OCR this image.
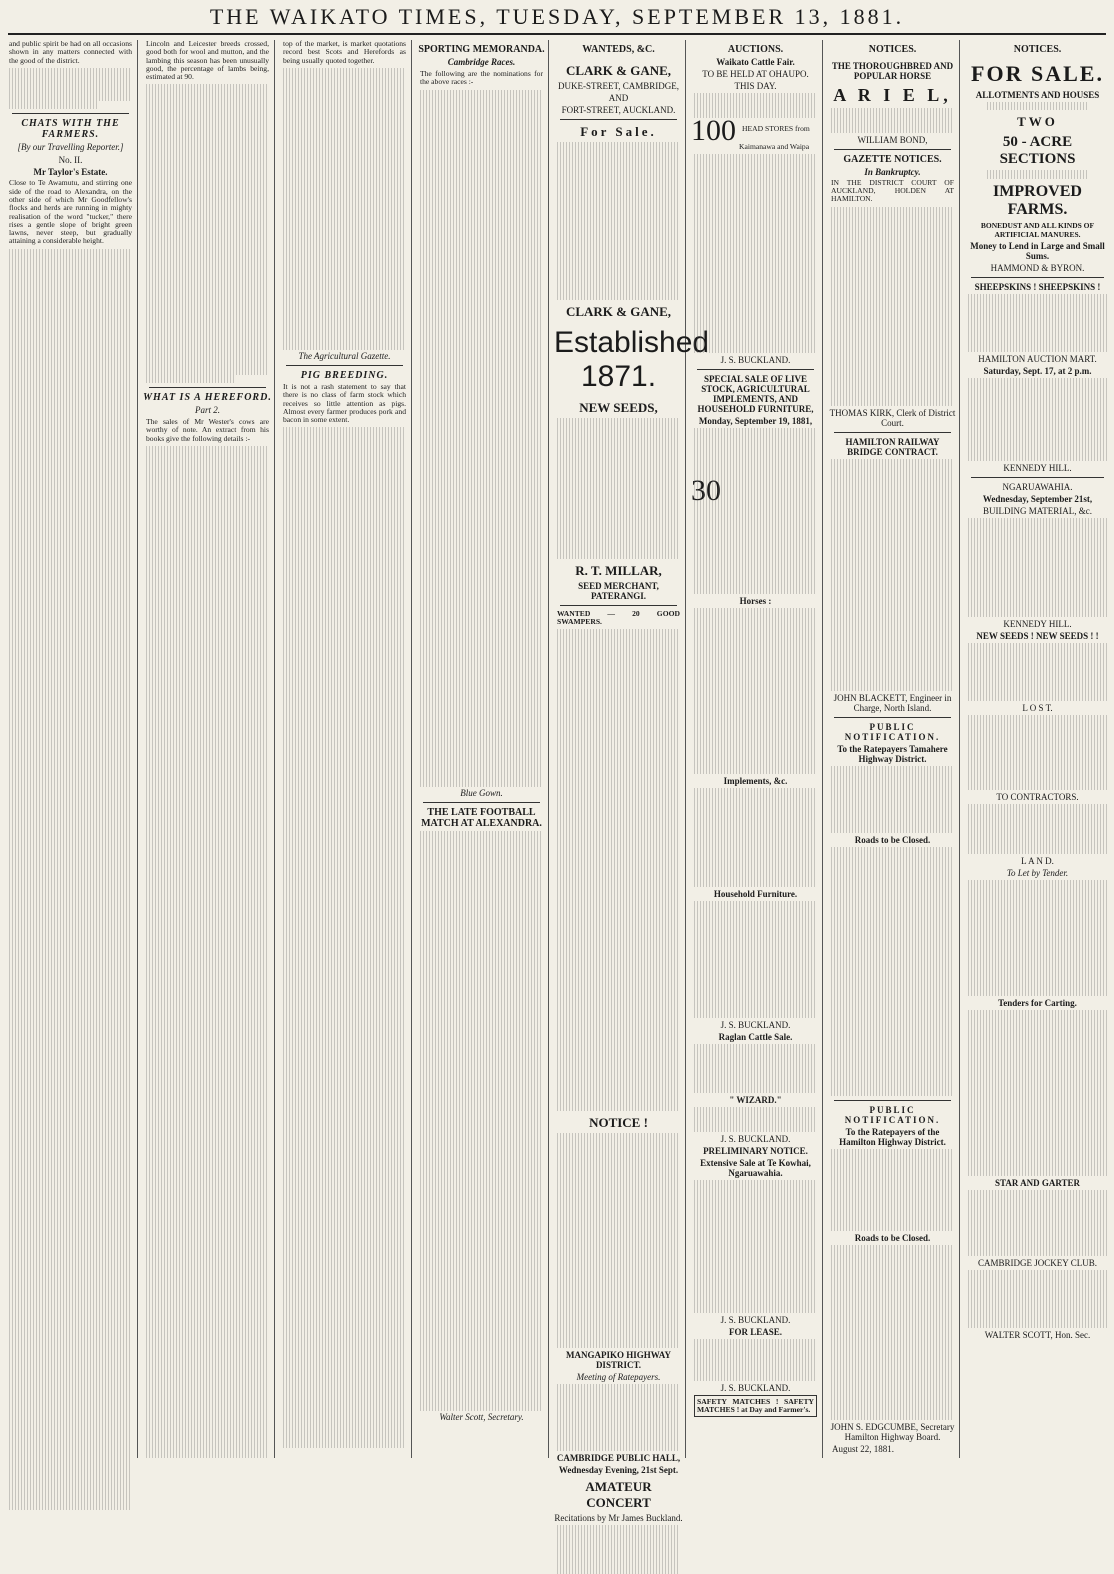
THE WAIKATO TIMES, TUESDAY, SEPTEMBER 13, 1881.
and public spirit be had on all occasions shown in any matters connected with the good of the district.
CHATS WITH THE FARMERS.
[By our Travelling Reporter.]
No. II.
Mr Taylor's Estate.
Close to Te Awamutu, and stirring one side of the road to Alexandra, on the other side of which Mr Goodfellow's flocks and herds are running in mighty realisation of the word "tucker," there rises a gentle slope of bright green lawns, never steep, but gradually attaining a considerable height.
Lincoln and Leicester breeds crossed, good both for wool and mutton, and the lambing this season has been unusually good, the percentage of lambs being, estimated at 90.
WHAT IS A HEREFORD.
Part 2.
The sales of Mr Wester's cows are worthy of note. An extract from his books give the following details :-
top of the market, is market quotations record best Scots and Herefords as being usually quoted together.
The Agricultural Gazette.
PIG BREEDING.
It is not a rash statement to say that there is no class of farm stock which receives so little attention as pigs. Almost every farmer produces pork and bacon in some extent.
SPORTING MEMORANDA.
Cambridge Races.
The following are the nominations for the above races :-
Blue Gown.
THE LATE FOOTBALL MATCH AT ALEXANDRA.
Walter Scott, Secretary.
WANTEDS, &C.
CLARK & GANE,
DUKE-STREET, CAMBRIDGE,
AND
FORT-STREET, AUCKLAND.
For Sale.
CLARK & GANE,
Established 1871.
NEW SEEDS,
R. T. MILLAR,
SEED MERCHANT, PATERANGI.
WANTED — 20 GOOD SWAMPERS.
NOTICE !
MANGAPIKO HIGHWAY DISTRICT.
Meeting of Ratepayers.
CAMBRIDGE PUBLIC HALL,
Wednesday Evening, 21st Sept.
AMATEUR CONCERT
Recitations by Mr James Buckland.
AUCTIONS.
Waikato Cattle Fair.
TO BE HELD AT OHAUPO.
THIS DAY.
100 HEAD STORES from Kaimanawa and Waipa
J. S. BUCKLAND.
SPECIAL SALE OF LIVE STOCK, AGRICULTURAL IMPLEMENTS, AND HOUSEHOLD FURNITURE,
Monday, September 19, 1881,
30
Horses :
Implements, &c.
Household Furniture.
J. S. BUCKLAND.
Raglan Cattle Sale.
" WIZARD."
J. S. BUCKLAND.
PRELIMINARY NOTICE.
Extensive Sale at Te Kowhai, Ngaruawahia.
J. S. BUCKLAND.
FOR LEASE.
J. S. BUCKLAND.
SAFETY MATCHES ! SAFETY MATCHES ! at Day and Farmer's.
NOTICES.
THE THOROUGHBRED AND POPULAR HORSE
A R I E L,
WILLIAM BOND,
GAZETTE NOTICES.
In Bankruptcy.
IN THE DISTRICT COURT OF AUCKLAND, HOLDEN AT HAMILTON.
THOMAS KIRK, Clerk of District Court.
HAMILTON RAILWAY BRIDGE CONTRACT.
JOHN BLACKETT, Engineer in Charge, North Island.
PUBLIC NOTIFICATION.
To the Ratepayers Tamahere Highway District.
Roads to be Closed.
PUBLIC NOTIFICATION.
To the Ratepayers of the Hamilton Highway District.
Roads to be Closed.
JOHN S. EDGCUMBE, Secretary Hamilton Highway Board.
August 22, 1881.
NOTICES.
FOR SALE.
ALLOTMENTS AND HOUSES
TWO
50 - ACRE SECTIONS
IMPROVED FARMS.
BONEDUST AND ALL KINDS OF ARTIFICIAL MANURES.
Money to Lend in Large and Small Sums.
HAMMOND & BYRON.
SHEEPSKINS ! SHEEPSKINS !
HAMILTON AUCTION MART.
Saturday, Sept. 17, at 2 p.m.
KENNEDY HILL.
NGARUAWAHIA.
Wednesday, September 21st,
BUILDING MATERIAL, &c.
KENNEDY HILL.
NEW SEEDS ! NEW SEEDS ! !
L O S T.
TO CONTRACTORS.
L A N D.
To Let by Tender.
Tenders for Carting.
STAR AND GARTER
CAMBRIDGE JOCKEY CLUB.
WALTER SCOTT, Hon. Sec.
